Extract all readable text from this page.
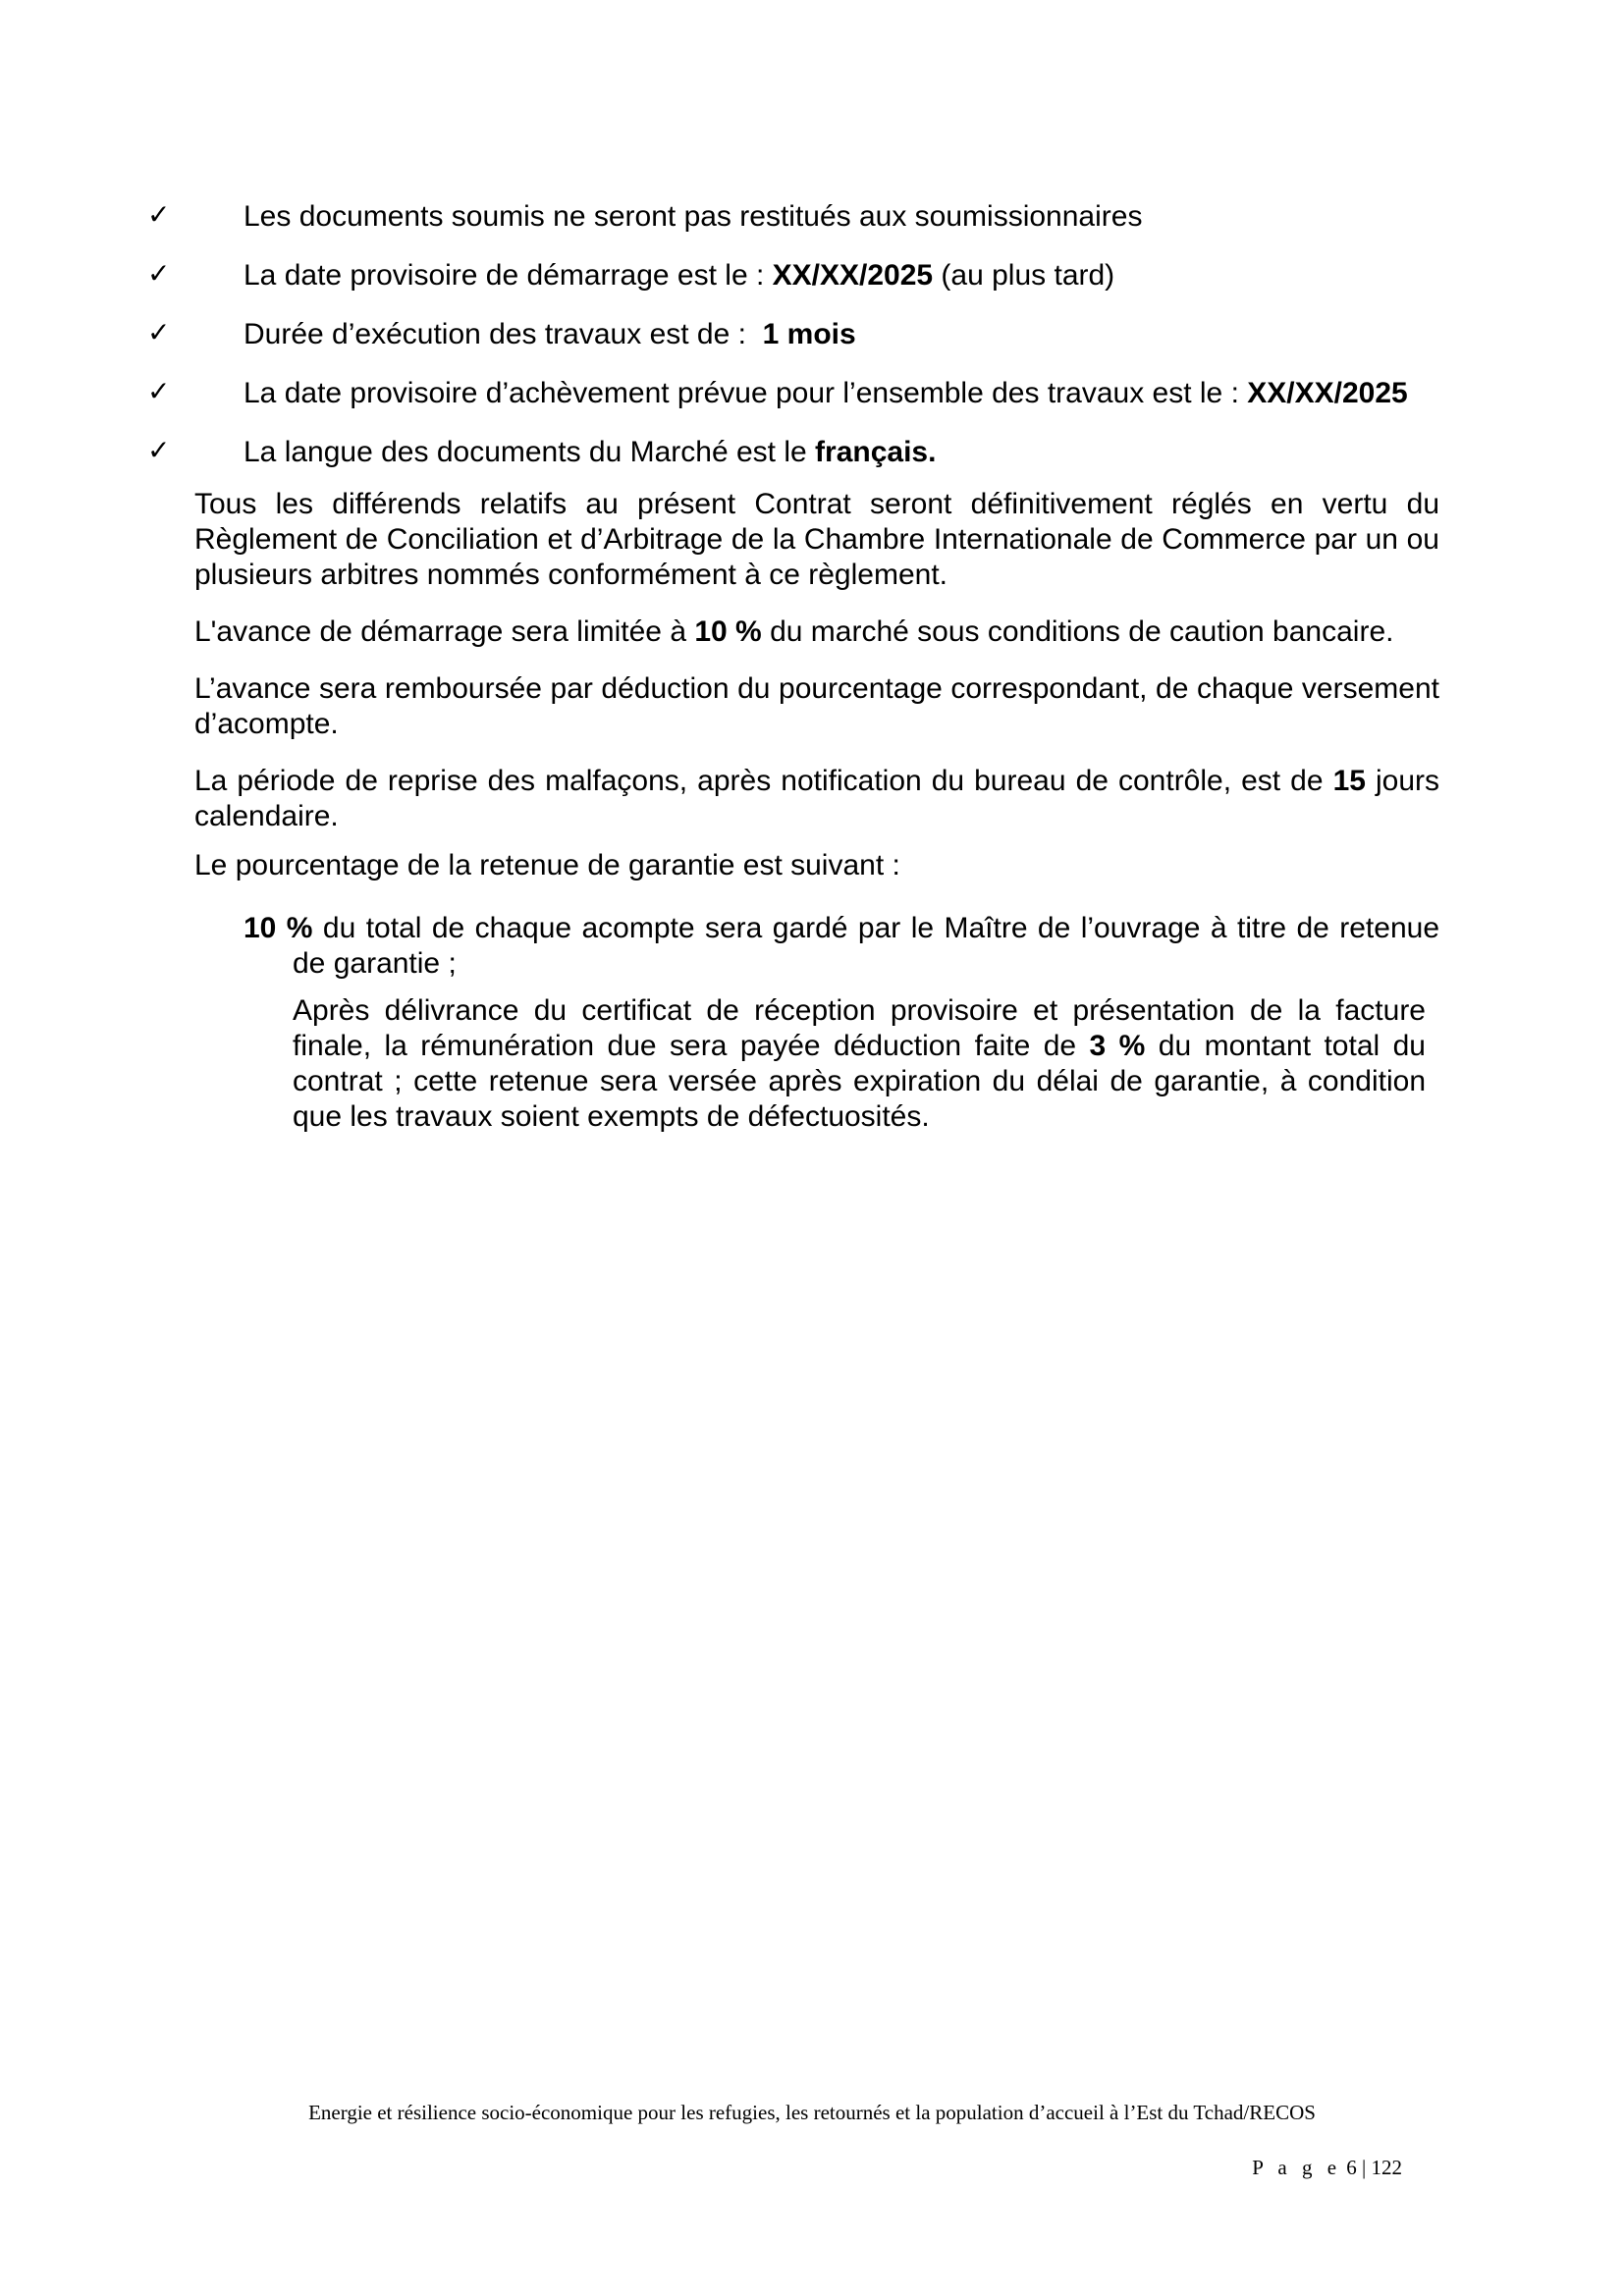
✓	Les documents soumis ne seront pas restitués aux soumissionnaires
✓	La date provisoire de démarrage est le : XX/XX/2025 (au plus tard)
✓	Durée d’exécution des travaux est de :  1 mois
✓	La date provisoire d’achèvement prévue pour l’ensemble des travaux est le : XX/XX/2025
✓	La langue des documents du Marché est le français.

Tous les différends relatifs au présent Contrat seront définitivement réglés en vertu du Règlement de Conciliation et d’Arbitrage de la Chambre Internationale de Commerce par un ou plusieurs arbitres nommés conformément à ce règlement.

L'avance de démarrage sera limitée à 10 % du marché sous conditions de caution bancaire.

L’avance sera remboursée par déduction du pourcentage correspondant, de chaque versement d’acompte.

La période de reprise des malfaçons, après notification du bureau de contrôle, est de 15 jours calendaire.

Le pourcentage de la retenue de garantie est suivant :

10 % du total de chaque acompte sera gardé par le Maître de l’ouvrage à titre de retenue de garantie ;

Après délivrance du certificat de réception provisoire et présentation de la facture finale, la rémunération due sera payée déduction faite de 3 % du montant total du contrat ; cette retenue sera versée après expiration du délai de garantie, à condition que les travaux soient exempts de défectuosités.

Energie et résilience socio-économique pour les refugies, les retournés et la population d’accueil à l’Est du Tchad/RECOS
P a g e 6 | 122
